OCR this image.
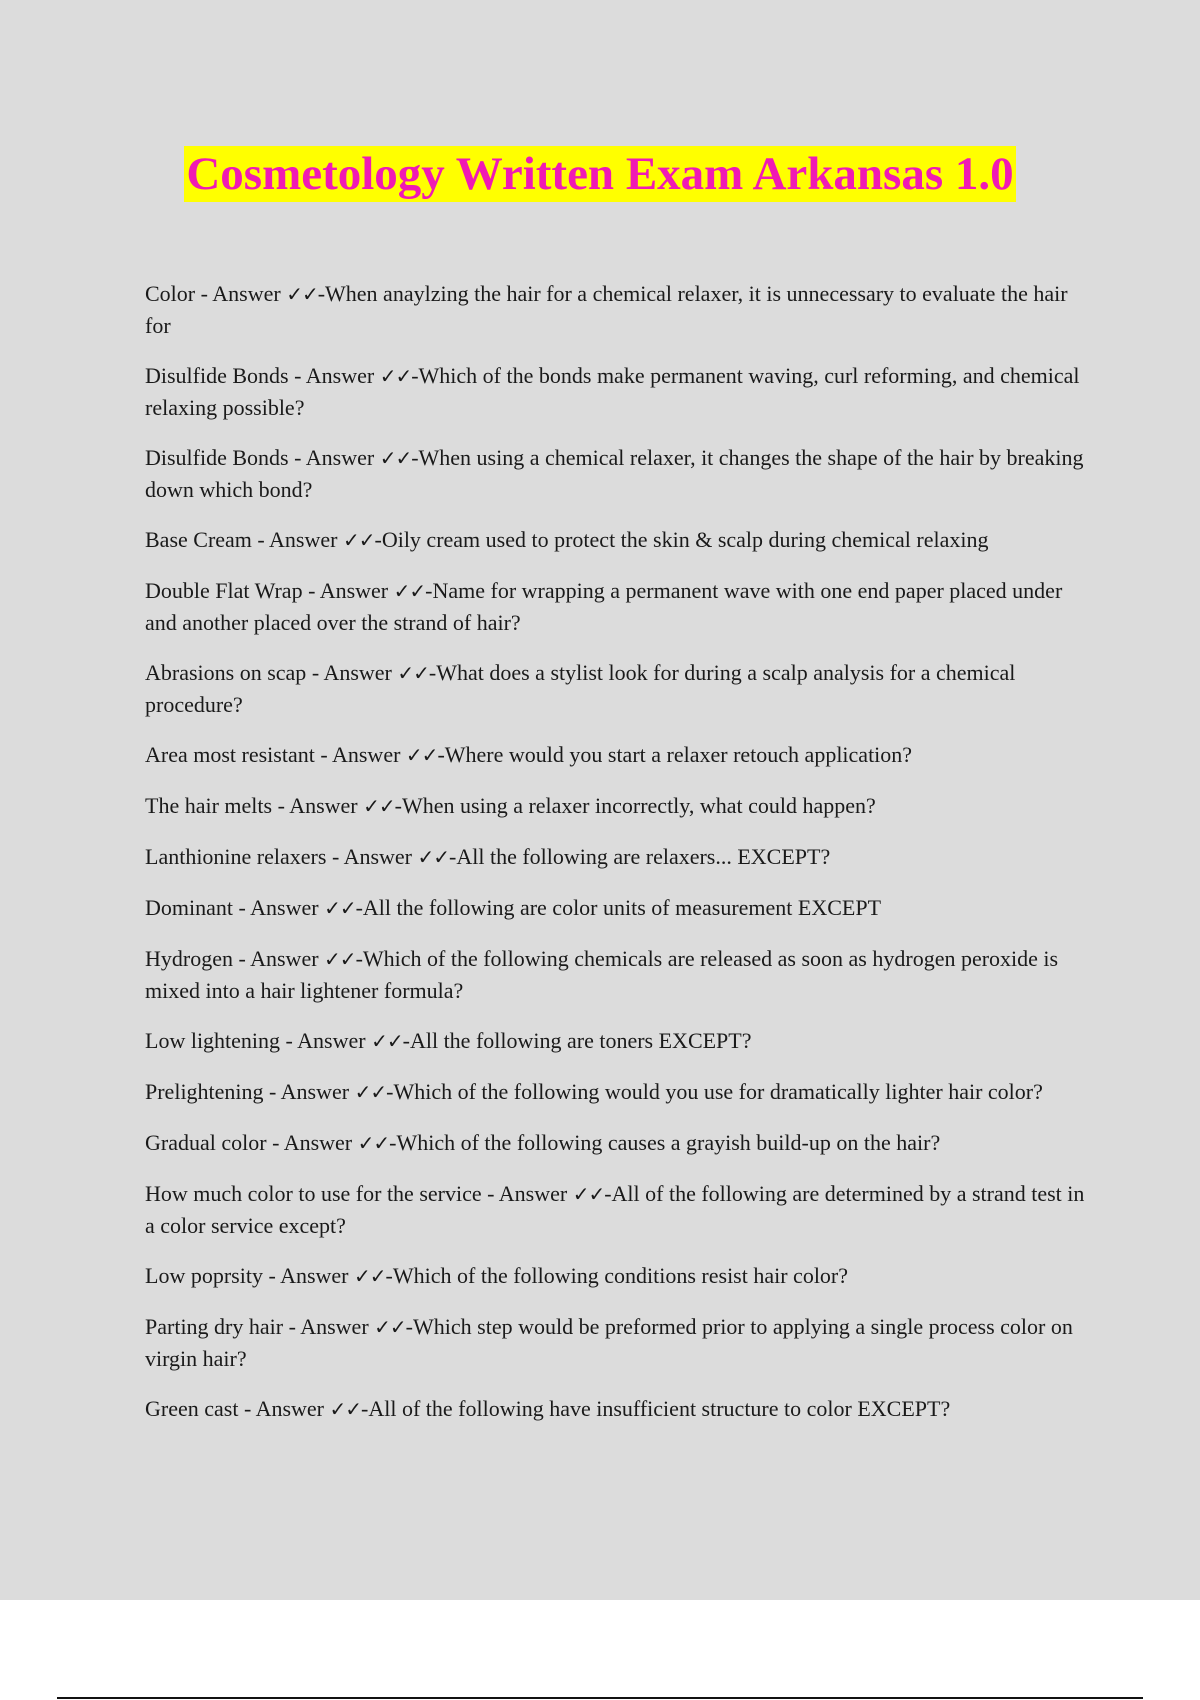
Cosmetology Written Exam Arkansas 1.0
Color - Answer ✓✓-When anaylzing the hair for a chemical relaxer, it is unnecessary to evaluate the hair for
Disulfide Bonds - Answer ✓✓-Which of the bonds make permanent waving, curl reforming, and chemical relaxing possible?
Disulfide Bonds - Answer ✓✓-When using a chemical relaxer, it changes the shape of the hair by breaking down which bond?
Base Cream - Answer ✓✓-Oily cream used to protect the skin & scalp during chemical relaxing
Double Flat Wrap - Answer ✓✓-Name for wrapping a permanent wave with one end paper placed under and another placed over the strand of hair?
Abrasions on scap - Answer ✓✓-What does a stylist look for during a scalp analysis for a chemical procedure?
Area most resistant - Answer ✓✓-Where would you start a relaxer retouch application?
The hair melts - Answer ✓✓-When using a relaxer incorrectly, what could happen?
Lanthionine relaxers - Answer ✓✓-All the following are relaxers... EXCEPT?
Dominant - Answer ✓✓-All the following are color units of measurement EXCEPT
Hydrogen - Answer ✓✓-Which of the following chemicals are released as soon as hydrogen peroxide is mixed into a hair lightener formula?
Low lightening - Answer ✓✓-All the following are toners EXCEPT?
Prelightening - Answer ✓✓-Which of the following would you use for dramatically lighter hair color?
Gradual color - Answer ✓✓-Which of the following causes a grayish build-up on the hair?
How much color to use for the service - Answer ✓✓-All of the following are determined by a strand test in a color service except?
Low poprsity - Answer ✓✓-Which of the following conditions resist hair color?
Parting dry hair - Answer ✓✓-Which step would be preformed prior to applying a single process color on virgin hair?
Green cast - Answer ✓✓-All of the following have insufficient structure to color EXCEPT?
